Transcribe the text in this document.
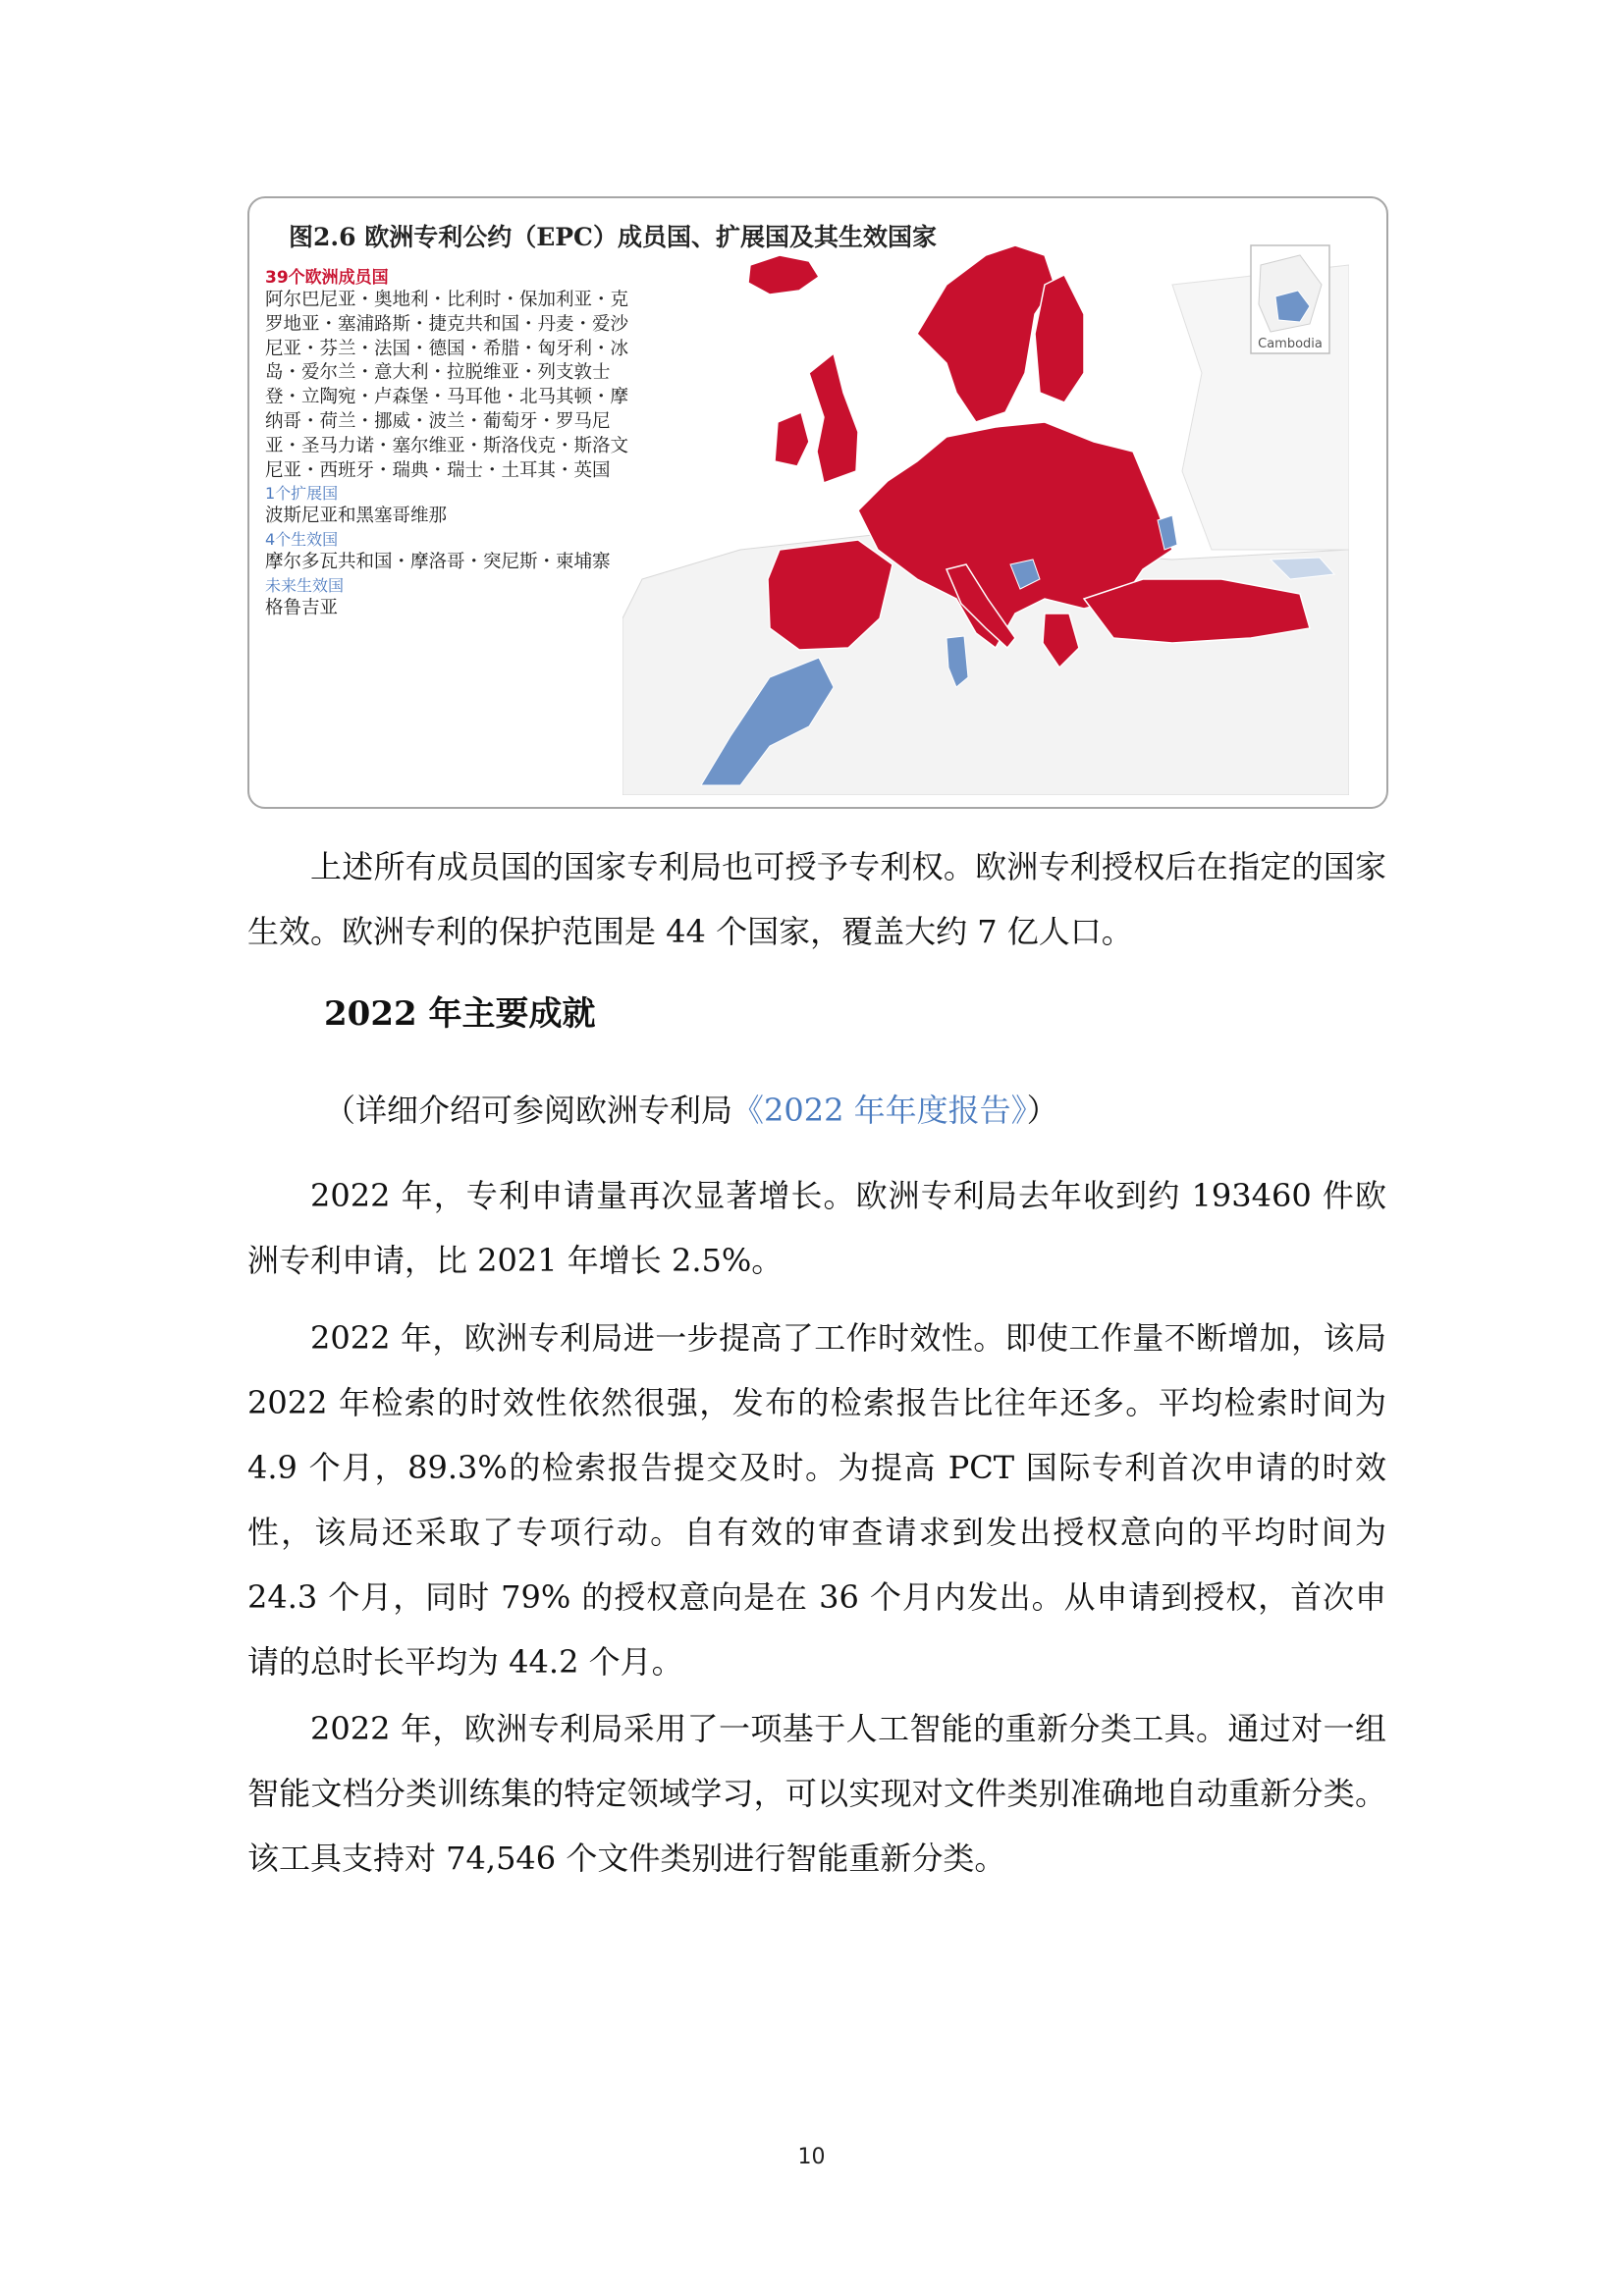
图2.6 欧洲专利公约（EPC）成员国、扩展国及其生效国家
39个欧洲成员国
阿尔巴尼亚・奥地利・比利时・保加利亚・克罗地亚・塞浦路斯・捷克共和国・丹麦・爱沙尼亚・芬兰・法国・德国・希腊・匈牙利・冰岛・爱尔兰・意大利・拉脱维亚・列支敦士登・立陶宛・卢森堡・马耳他・北马其顿・摩纳哥・荷兰・挪威・波兰・葡萄牙・罗马尼亚・圣马力诺・塞尔维亚・斯洛伐克・斯洛文尼亚・西班牙・瑞典・瑞士・土耳其・英国
1个扩展国
波斯尼亚和黑塞哥维那
4个生效国
摩尔多瓦共和国・摩洛哥・突尼斯・柬埔寨
未来生效国
格鲁吉亚
Cambodia

上述所有成员国的国家专利局也可授予专利权。欧洲专利授权后在指定的国家生效。欧洲专利的保护范围是 44 个国家，覆盖大约 7 亿人口。

2022 年主要成就

（详细介绍可参阅欧洲专利局《2022 年年度报告》）

2022 年，专利申请量再次显著增长。欧洲专利局去年收到约 193460 件欧洲专利申请，比 2021 年增长 2.5%。

2022 年，欧洲专利局进一步提高了工作时效性。即使工作量不断增加，该局 2022 年检索的时效性依然很强，发布的检索报告比往年还多。平均检索时间为 4.9 个月，89.3%的检索报告提交及时。为提高 PCT 国际专利首次申请的时效性，该局还采取了专项行动。自有效的审查请求到发出授权意向的平均时间为 24.3 个月，同时 79% 的授权意向是在 36 个月内发出。从申请到授权，首次申请的总时长平均为 44.2 个月。

2022 年，欧洲专利局采用了一项基于人工智能的重新分类工具。通过对一组智能文档分类训练集的特定领域学习，可以实现对文件类别准确地自动重新分类。该工具支持对 74,546 个文件类别进行智能重新分类。

10
